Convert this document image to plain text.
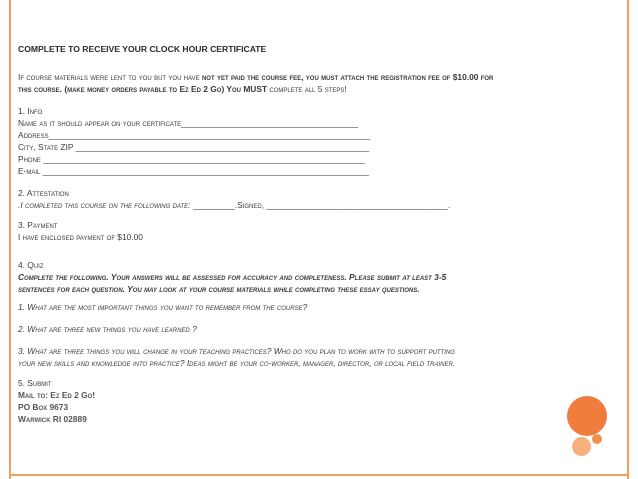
COMPLETE TO RECEIVE YOUR CLOCK HOUR CERTIFICATE
If course materials were lent to you but you have not yet paid the course fee, you must attach the registration fee of $10.00 for
this course. (make money orders payable to Ez Ed 2 Go) You MUST complete all 5 steps!
1. Info
Name as it should appear on your certificate______________________________________
Address_____________________________________________________________________
City, State ZIP _______________________________________________________________
Phone _____________________________________________________________________
E-mail ______________________________________________________________________
2. Attestation
.I completed this course on the following date: _________.Signed, _______________________________________.
3. Payment
I have enclosed payment of $10.00
4. Quiz
Complete the following. Your answers will be assessed for accuracy and completeness. Please submit at least 3-5
sentences for each question. You may look at your course materials while completing these essay questions.
1. What are the most important things you want to remember from the course?
2. What are three new things you have learned ?
3. What are three things you will change in your teaching practices? Who do you plan to work with to support putting
your new skills and knowledge into practice? Ideas might be your co-worker, manager, director, or local field trainer.
5. Submit
Mail to: Ez Ed 2 Go!
PO Box 9673
Warwick RI 02889
